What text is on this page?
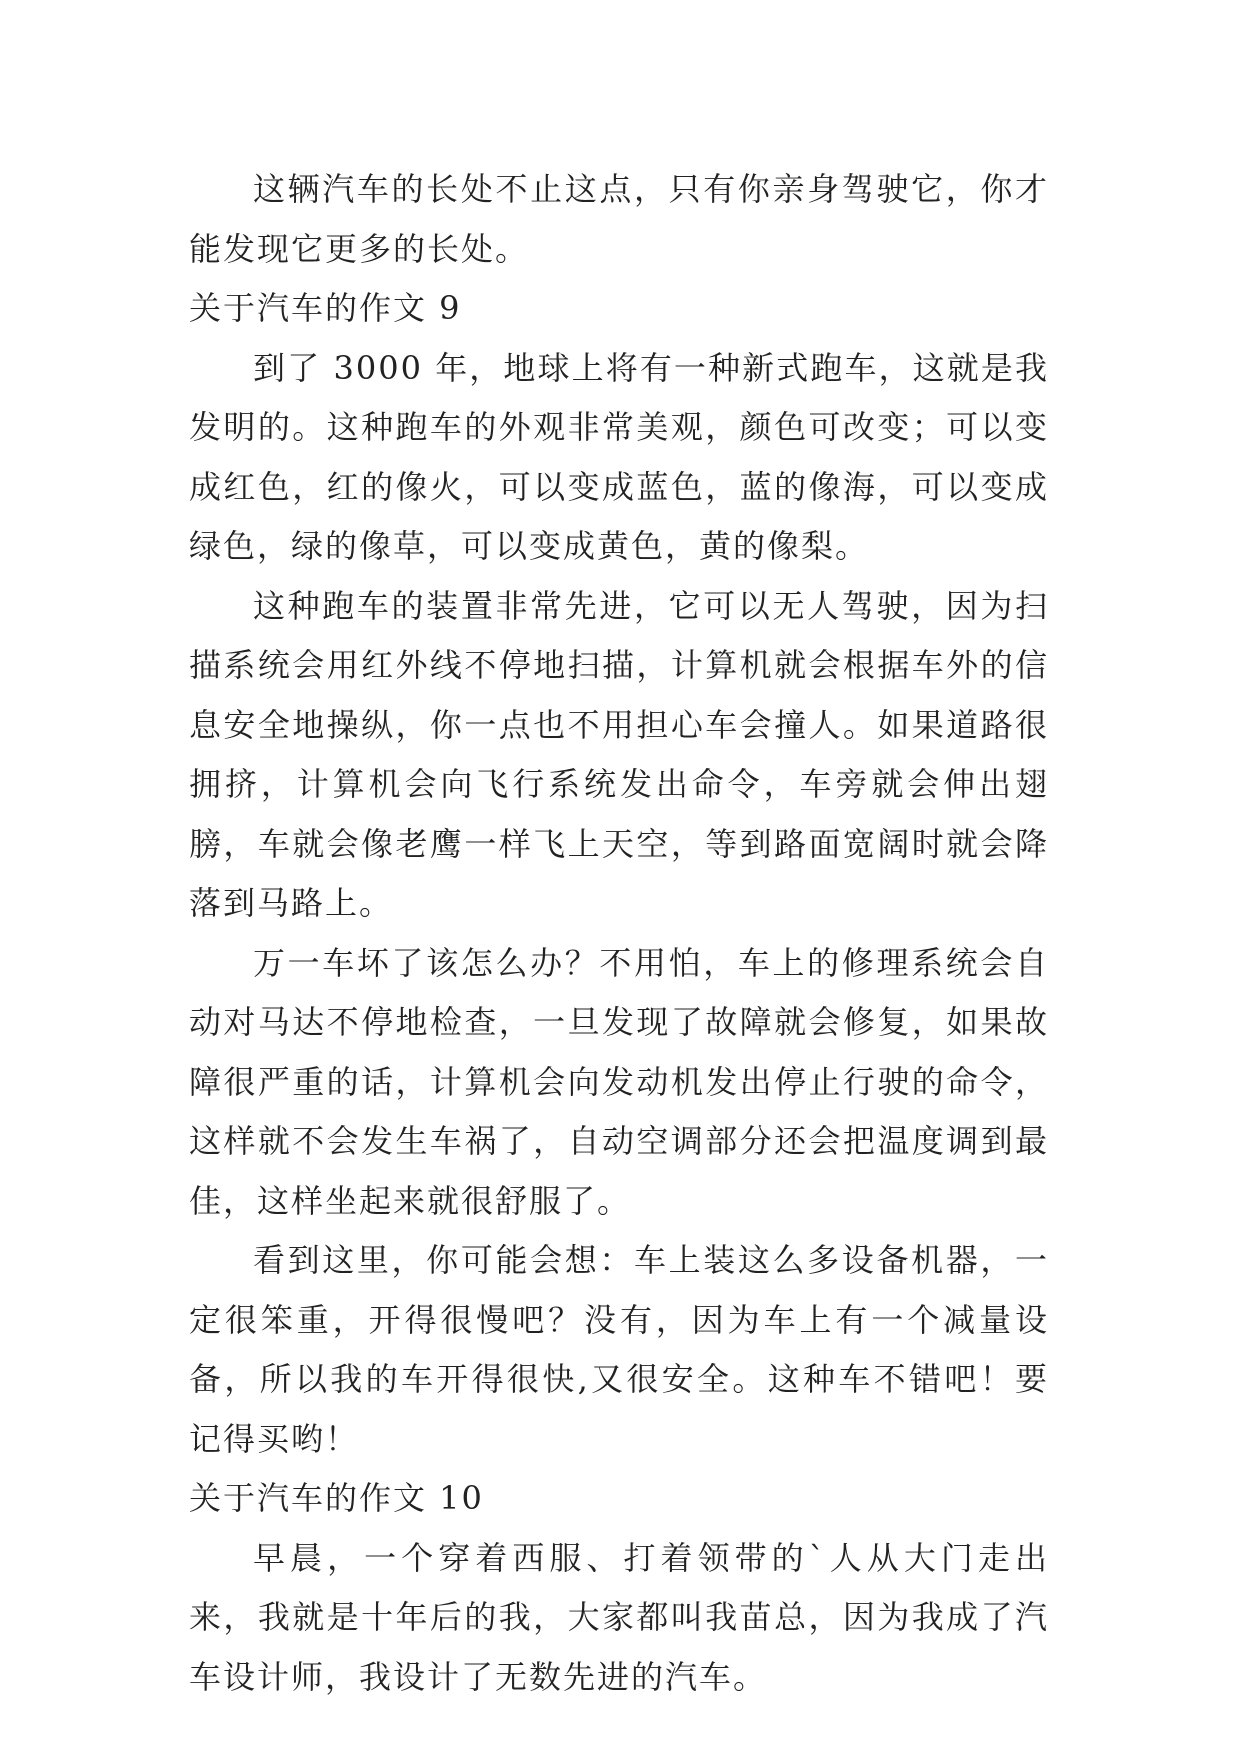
这辆汽车的长处不止这点，只有你亲身驾驶它，你才能发现它更多的长处。

关于汽车的作文 9

到了 3000 年，地球上将有一种新式跑车，这就是我发明的。这种跑车的外观非常美观，颜色可改变；可以变成红色，红的像火，可以变成蓝色，蓝的像海，可以变成绿色，绿的像草，可以变成黄色，黄的像梨。

这种跑车的装置非常先进，它可以无人驾驶，因为扫描系统会用红外线不停地扫描，计算机就会根据车外的信息安全地操纵，你一点也不用担心车会撞人。如果道路很拥挤，计算机会向飞行系统发出命令，车旁就会伸出翅膀，车就会像老鹰一样飞上天空，等到路面宽阔时就会降落到马路上。

万一车坏了该怎么办？不用怕，车上的修理系统会自动对马达不停地检查，一旦发现了故障就会修复，如果故障很严重的话，计算机会向发动机发出停止行驶的命令，这样就不会发生车祸了，自动空调部分还会把温度调到最佳，这样坐起来就很舒服了。

看到这里，你可能会想：车上装这么多设备机器，一定很笨重，开得很慢吧？没有，因为车上有一个减量设备，所以我的车开得很快,又很安全。这种车不错吧！要记得买哟！

关于汽车的作文 10

早晨，一个穿着西服、打着领带的`人从大门走出来，我就是十年后的我，大家都叫我苗总，因为我成了汽车设计师，我设计了无数先进的汽车。
